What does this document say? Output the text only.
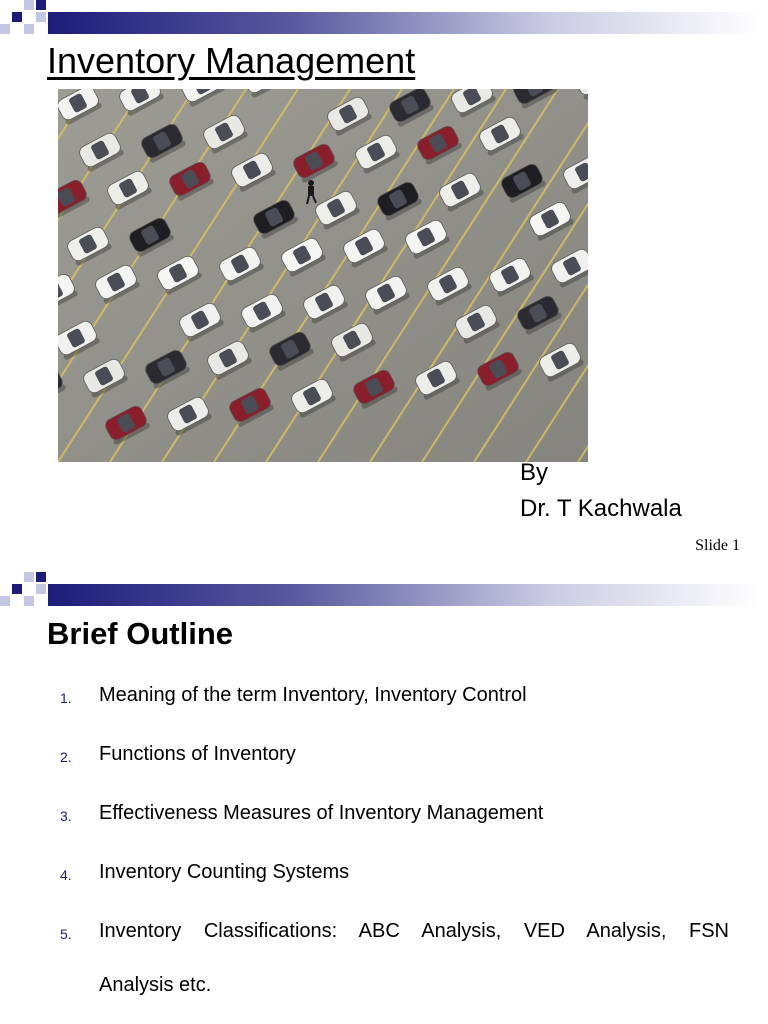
Inventory Management
By
Dr. T Kachwala
Slide 1
Brief Outline
1. Meaning of the term Inventory, Inventory Control
2. Functions of Inventory
3. Effectiveness Measures of Inventory Management
4. Inventory Counting Systems
5. Inventory Classifications: ABC Analysis, VED Analysis, FSN
Analysis etc.
